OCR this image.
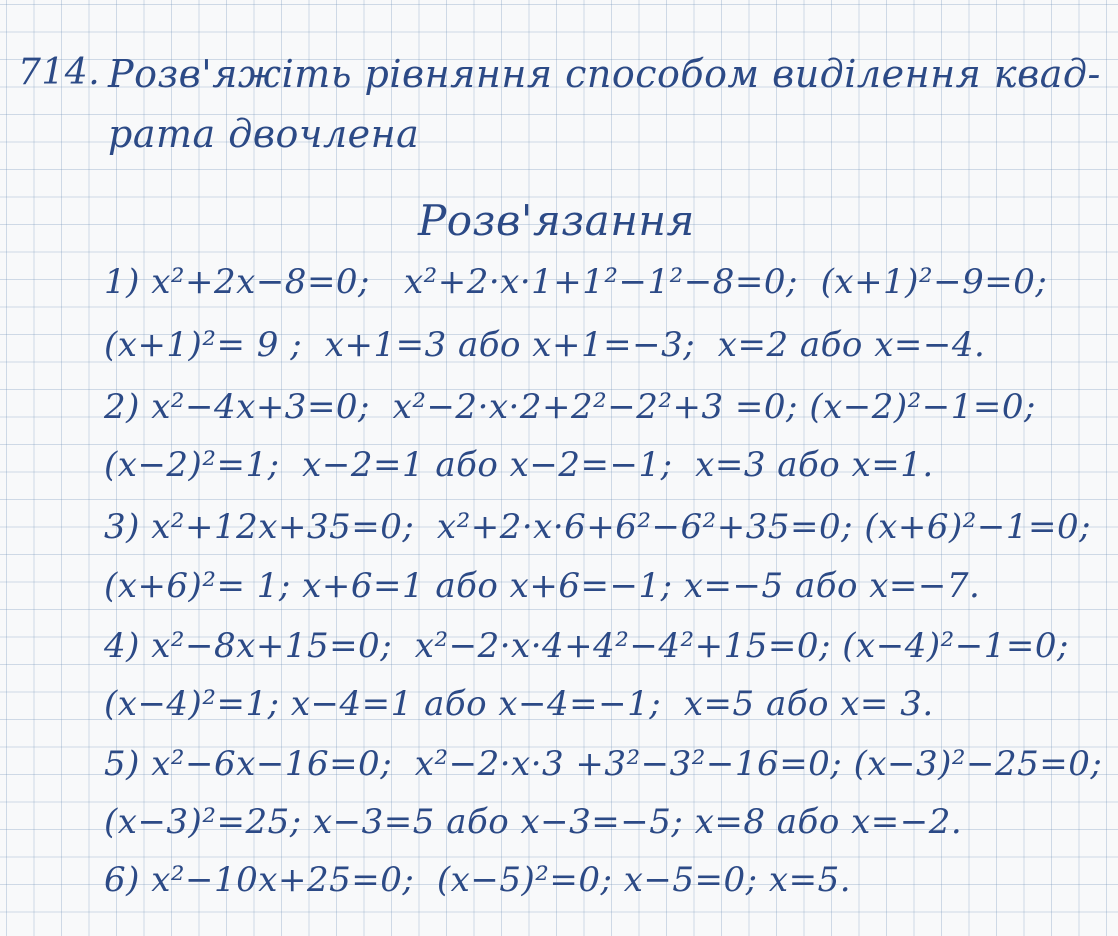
714. Розв'яжіть рівняння способом виділення квад-
рата двочлена
Розв'язання
1) x²+2x−8=0; x²+2·x·1+1²−1²−8=0; (x+1)²−9=0;
(x+1)²= 9 ;  x+1=3 або x+1=−3; x=2 або x=−4.
2) x²−4x+3=0; x²−2·x·2+2²−2²+3 =0; (x−2)²−1=0;
(x−2)²=1; x−2=1 або x−2=−1; x=3 або x=1.
3) x²+12x+35=0; x²+2·x·6+6²−6²+35=0; (x+6)²−1=0;
(x+6)²= 1; x+6=1 або x+6=−1; x=−5 або x=−7.
4) x²−8x+15=0; x²−2·x·4+4²−4²+15=0; (x−4)²−1=0;
(x−4)²=1; x−4=1 або x−4=−1; x=5 або x= 3.
5) x²−6x−16=0; x²−2·x·3 +3²−3²−16=0; (x−3)²−25=0;
(x−3)²=25; x−3=5 або x−3=−5; x=8 або x=−2.
6) x²−10x+25=0; (x−5)²=0; x−5=0; x=5.
